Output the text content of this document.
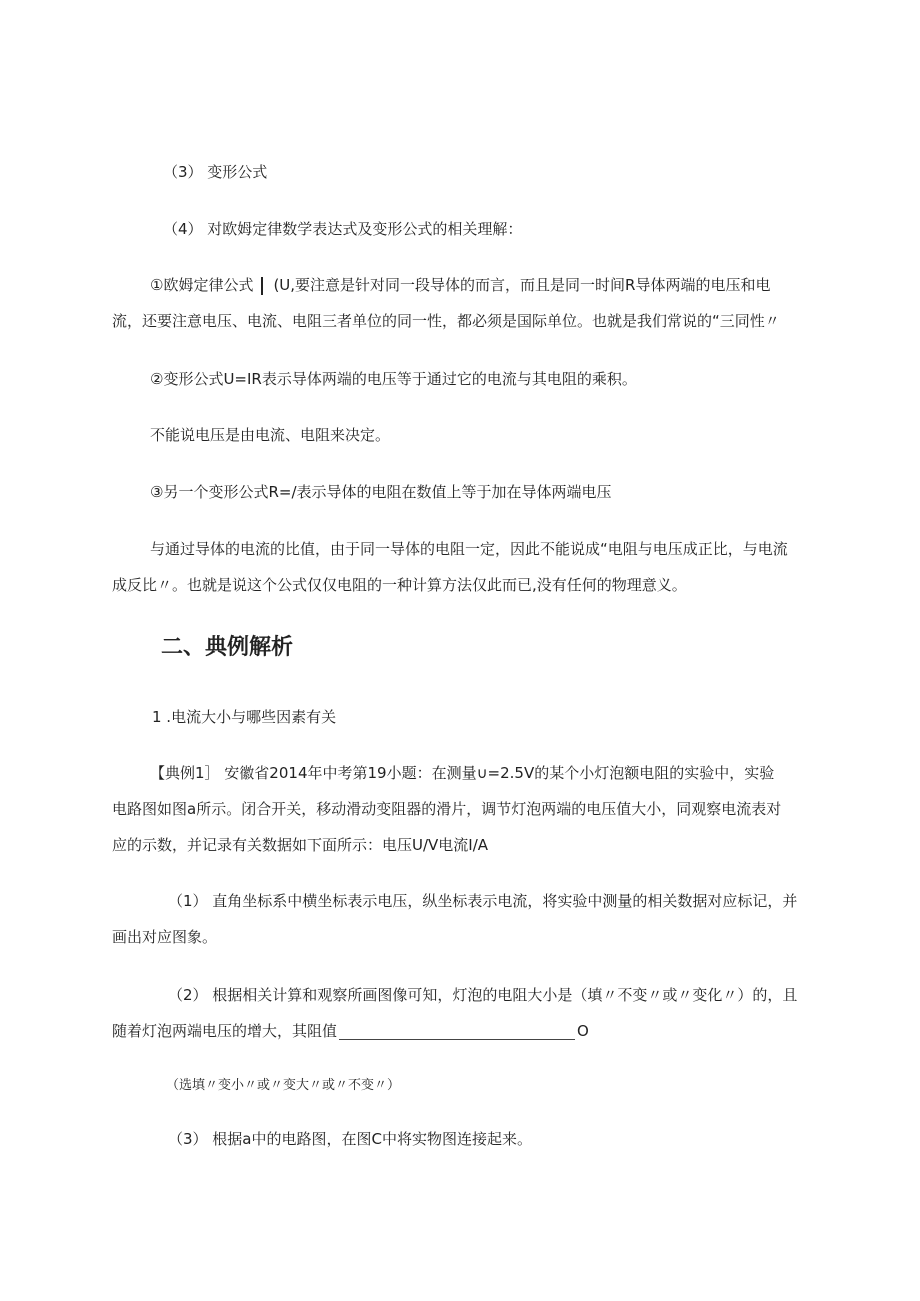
（3） 变形公式

（4） 对欧姆定律数学表达式及变形公式的相关理解：

①欧姆定律公式 (U,要注意是针对同一段导体的而言，而且是同一时间R导体两端的电压和电

流，还要注意电压、电流、电阻三者单位的同一性，都必须是国际单位。也就是我们常说的“三同性〃

②变形公式U=IR表示导体两端的电压等于通过它的电流与其电阻的乘积。

不能说电压是由电流、电阻来决定。

③另一个变形公式R=/表示导体的电阻在数值上等于加在导体两端电压

与通过导体的电流的比值，由于同一导体的电阻一定，因此不能说成“电阻与电压成正比，与电流

成反比〃。也就是说这个公式仅仅电阻的一种计算方法仅此而已,没有任何的物理意义。

二、典例解析

1 .电流大小与哪些因素有关

【典例1］ 安徽省2014年中考第19小题：在测量∪=2.5V的某个小灯泡额电阻的实验中，实验

电路图如图a所示。闭合开关，移动滑动变阻器的滑片，调节灯泡两端的电压值大小，同观察电流表对

应的示数，并记录有关数据如下面所示：电压U/V电流I/A

（1） 直角坐标系中横坐标表示电压，纵坐标表示电流，将实验中测量的相关数据对应标记，并

画出对应图象。

（2） 根据相关计算和观察所画图像可知，灯泡的电阻大小是（填〃不变〃或〃变化〃）的，且

随着灯泡两端电压的增大，其阻值	O

（选填〃变小〃或〃变大〃或〃不变〃）

（3） 根据a中的电路图，在图C中将实物图连接起来。
